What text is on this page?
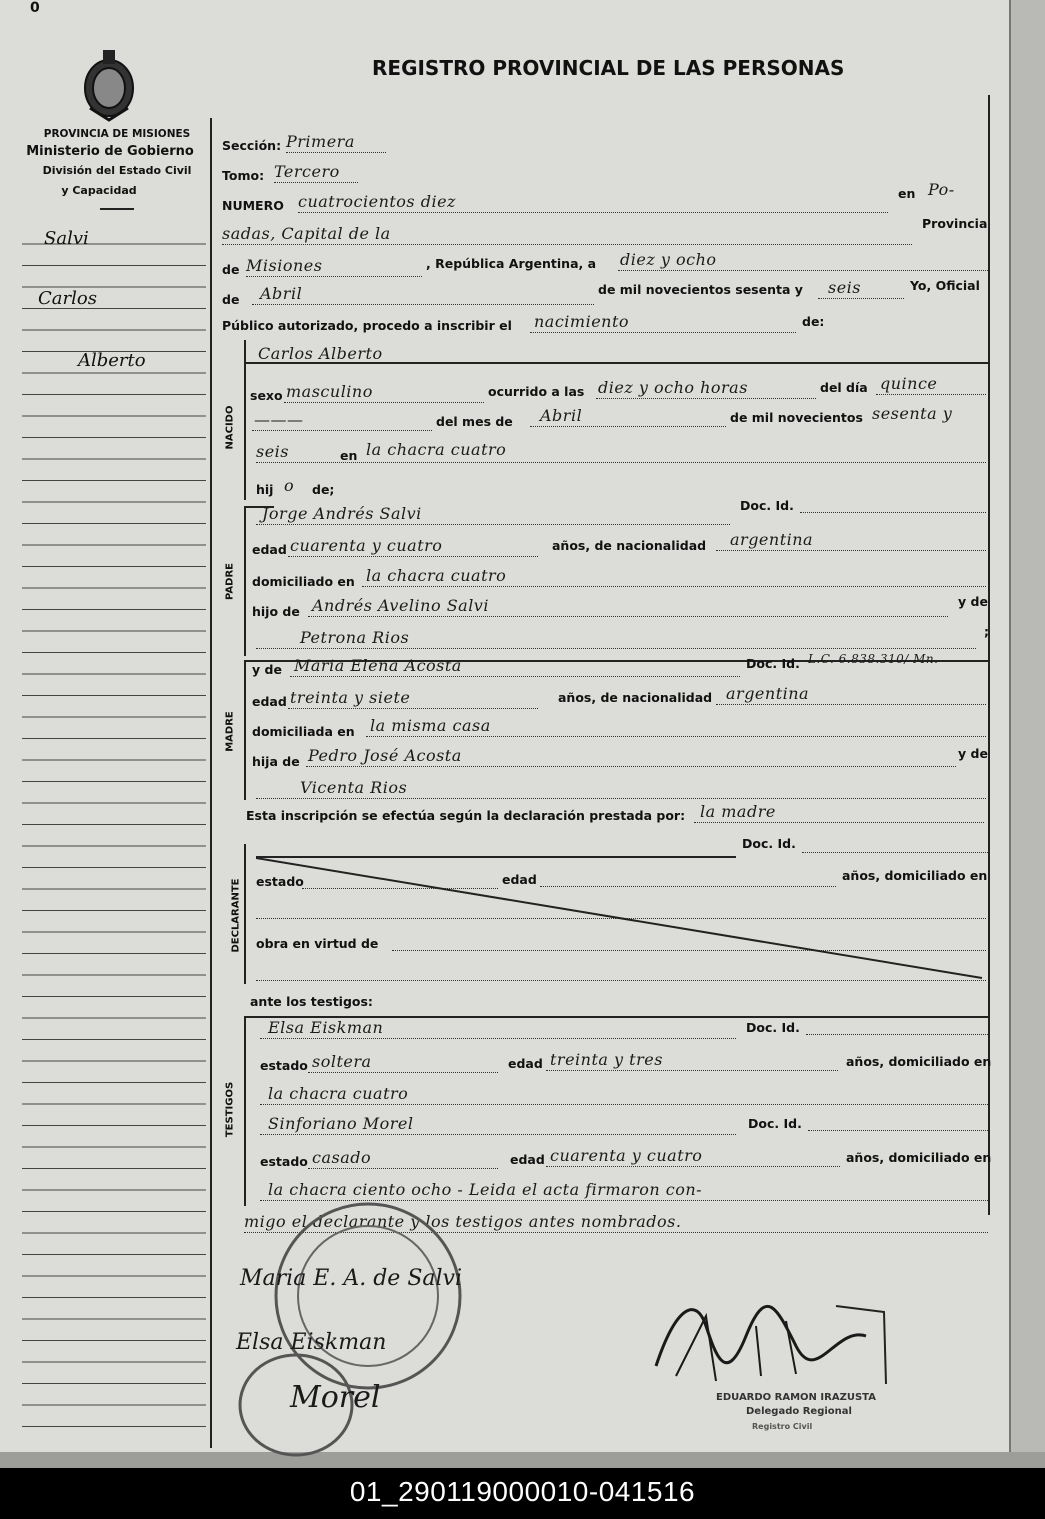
0
PROVINCIA DE MISIONES
Ministerio de Gobierno
División del Estado Civil
y Capacidad
REGISTRO PROVINCIAL DE LAS PERSONAS
Salvi
Carlos
Alberto
Sección: Primera
Tomo: Tercero
NUMERO cuatrocientos diez	en Po-
sadas, Capital de la
Provincia
de Misiones	, República Argentina, a diez y ocho
de Abril	de mil novecientos sesenta y seis	Yo, Oficial
Público autorizado, procedo a inscribir el nacimiento	de:
NACIDO
Carlos Alberto
sexo masculino	ocurrido a las diez y ocho horas	del día quince
———	del mes de Abril	de mil novecientos sesenta y
seis	en la chacra cuatro
hij o de;
PADRE
Jorge Andrés Salvi	Doc. Id.
edad cuarenta y cuatro	años, de nacionalidad argentina
domiciliado en la chacra cuatro
hijo de Andrés Avelino Salvi	y de
Petrona Rios	;
MADRE
y de Maria Elena Acosta	Doc. Id. L.C. 6.838.310/ Mn.
edad treinta y siete	años, de nacionalidad argentina
domiciliada en la misma casa
hija de Pedro José Acosta	y de
Vicenta Rios
Esta inscripción se efectúa según la declaración prestada por: la madre
DECLARANTE
Doc. Id.
estado	edad	años, domiciliado en
obra en virtud de
ante los testigos:
TESTIGOS
Elsa Eiskman	Doc. Id.
estado soltera	edad treinta y tres	años, domiciliado en
la chacra cuatro
Sinforiano Morel	Doc. Id.
estado casado	edad cuarenta y cuatro	años, domiciliado en
la chacra ciento ocho - Leida el acta firmaron con-
migo el declarante y los testigos antes nombrados.
Maria E. A. de Salvi
Elsa Eiskman
Morel	EDUARDO RAMON IRAZUSTA
Delegado Regional
Registro Civil
01_290119000010-041516
